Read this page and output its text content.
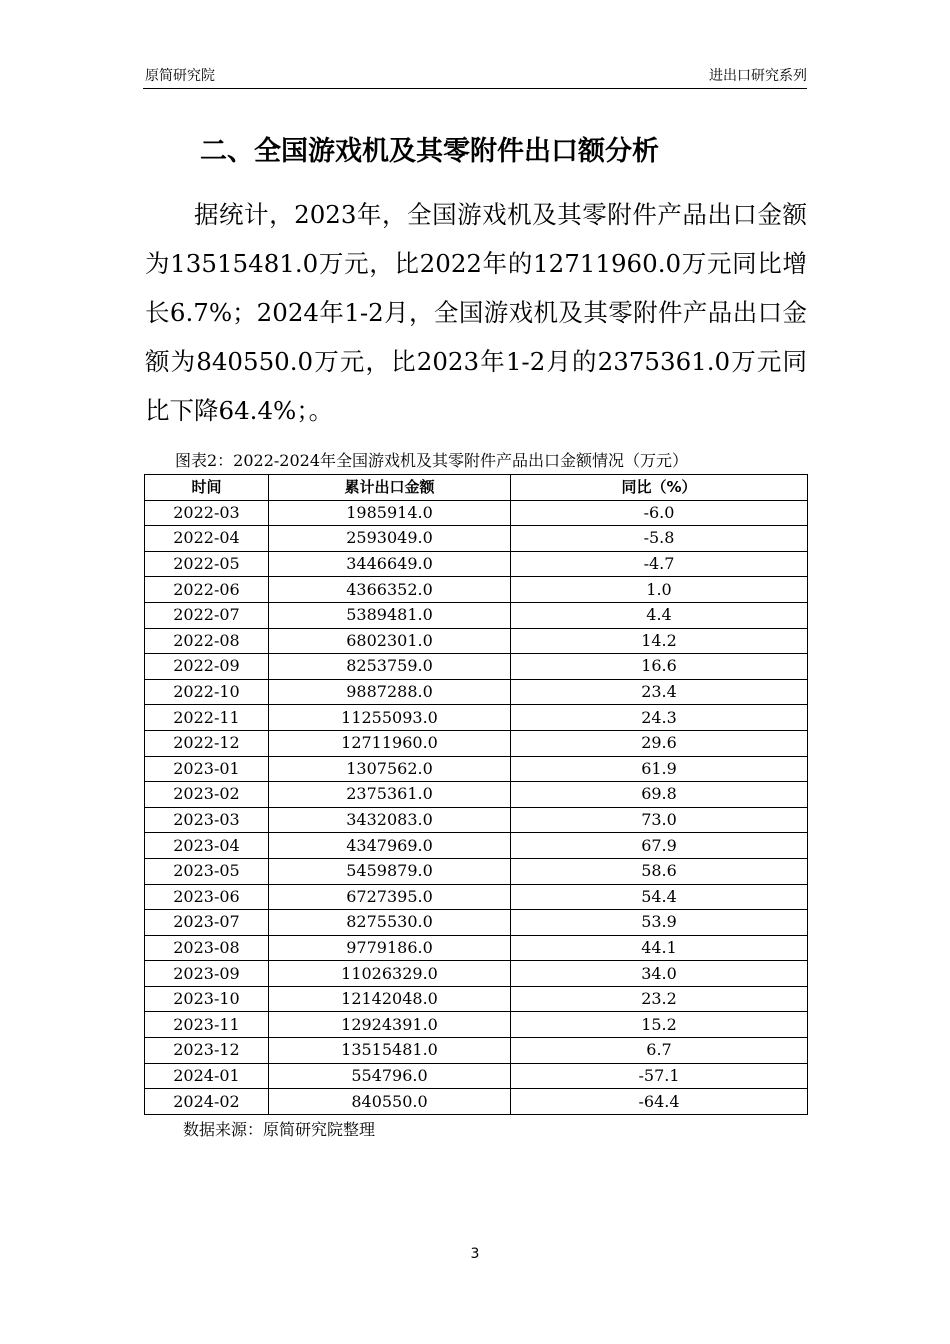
原简研究院	进出口研究系列
二、全国游戏机及其零附件出口额分析

据统计，2023年，全国游戏机及其零附件产品出口金额为13515481.0万元，比2022年的12711960.0万元同比增长6.7%；2024年1-2月，全国游戏机及其零附件产品出口金额为840550.0万元，比2023年1-2月的2375361.0万元同比下降64.4%；。

图表2：2022-2024年全国游戏机及其零附件产品出口金额情况（万元）
时间	累计出口金额	同比（%）
2022-03	1985914.0	-6.0
2022-04	2593049.0	-5.8
2022-05	3446649.0	-4.7
2022-06	4366352.0	1.0
2022-07	5389481.0	4.4
2022-08	6802301.0	14.2
2022-09	8253759.0	16.6
2022-10	9887288.0	23.4
2022-11	11255093.0	24.3
2022-12	12711960.0	29.6
2023-01	1307562.0	61.9
2023-02	2375361.0	69.8
2023-03	3432083.0	73.0
2023-04	4347969.0	67.9
2023-05	5459879.0	58.6
2023-06	6727395.0	54.4
2023-07	8275530.0	53.9
2023-08	9779186.0	44.1
2023-09	11026329.0	34.0
2023-10	12142048.0	23.2
2023-11	12924391.0	15.2
2023-12	13515481.0	6.7
2024-01	554796.0	-57.1
2024-02	840550.0	-64.4
数据来源：原简研究院整理
3
